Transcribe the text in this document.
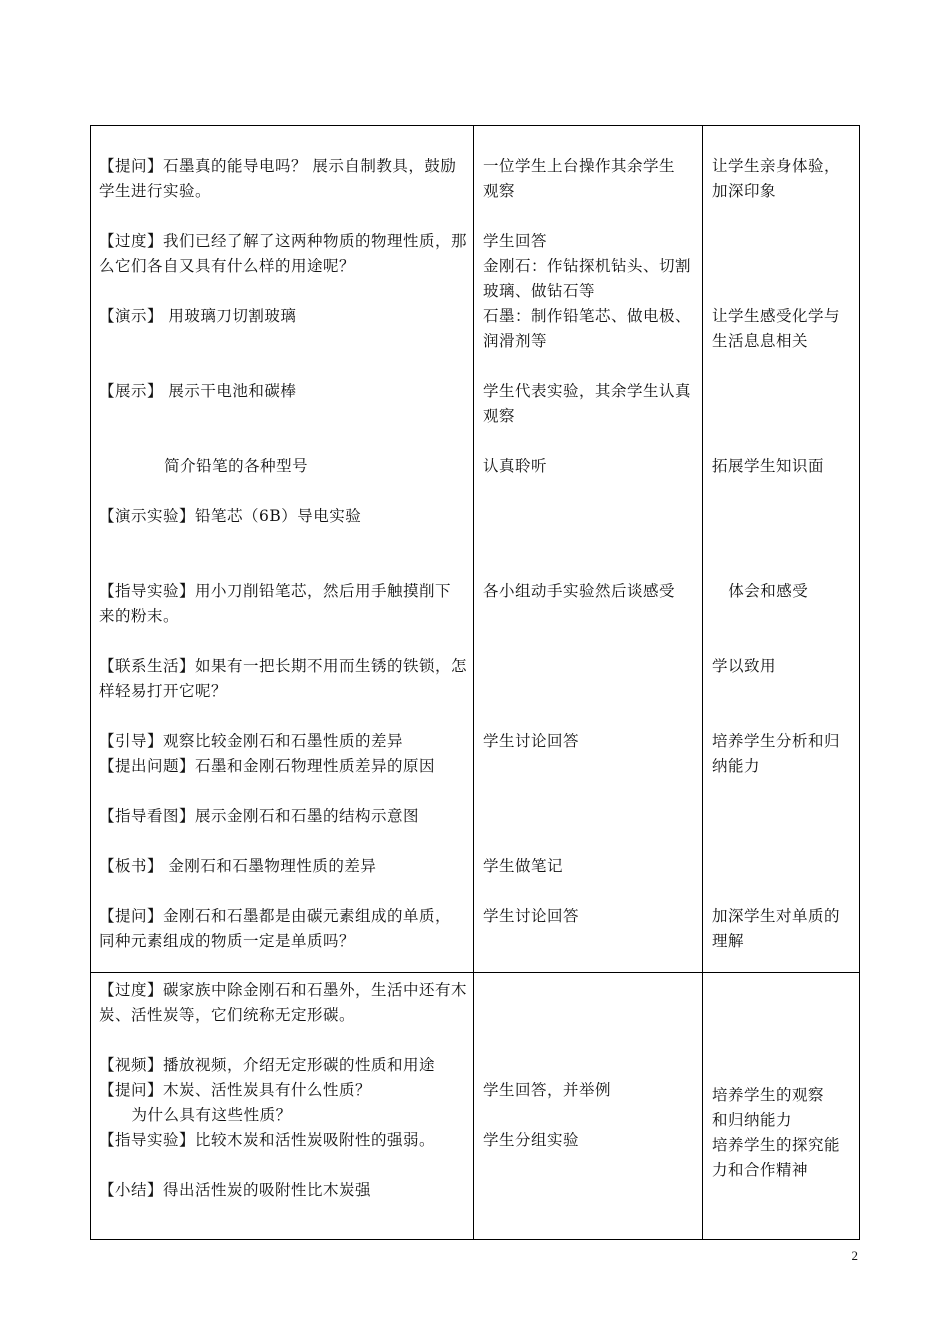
【提问】石墨真的能导电吗？ 展示自制教具，鼓励
学生进行实验。
【过度】我们已经了解了这两种物质的物理性质，那
么它们各自又具有什么样的用途呢？
【演示】 用玻璃刀切割玻璃
【展示】 展示干电池和碳棒
简介铅笔的各种型号
【演示实验】铅笔芯（6B）导电实验
【指导实验】用小刀削铅笔芯，然后用手触摸削下
来的粉末。
【联系生活】如果有一把长期不用而生锈的铁锁，怎
样轻易打开它呢？
【引导】观察比较金刚石和石墨性质的差异
【提出问题】石墨和金刚石物理性质差异的原因
【指导看图】展示金刚石和石墨的结构示意图
【板书】 金刚石和石墨物理性质的差异
【提问】金刚石和石墨都是由碳元素组成的单质，
同种元素组成的物质一定是单质吗？
一位学生上台操作其余学生
观察
学生回答
金刚石：作钻探机钻头、切割
玻璃、做钻石等
石墨：制作铅笔芯、做电极、
润滑剂等
学生代表实验，其余学生认真
观察
认真聆听
各小组动手实验然后谈感受
学生讨论回答
学生做笔记
学生讨论回答
让学生亲身体验，
加深印象
让学生感受化学与
生活息息相关
拓展学生知识面
体会和感受
学以致用
培养学生分析和归
纳能力
加深学生对单质的
理解
【过度】碳家族中除金刚石和石墨外，生活中还有木
炭、活性炭等，它们统称无定形碳。
【视频】播放视频，介绍无定形碳的性质和用途
【提问】木炭、活性炭具有什么性质？
为什么具有这些性质？
【指导实验】比较木炭和活性炭吸附性的强弱。
【小结】得出活性炭的吸附性比木炭强
学生回答，并举例
学生分组实验
培养学生的观察
和归纳能力
培养学生的探究能
力和合作精神
2
